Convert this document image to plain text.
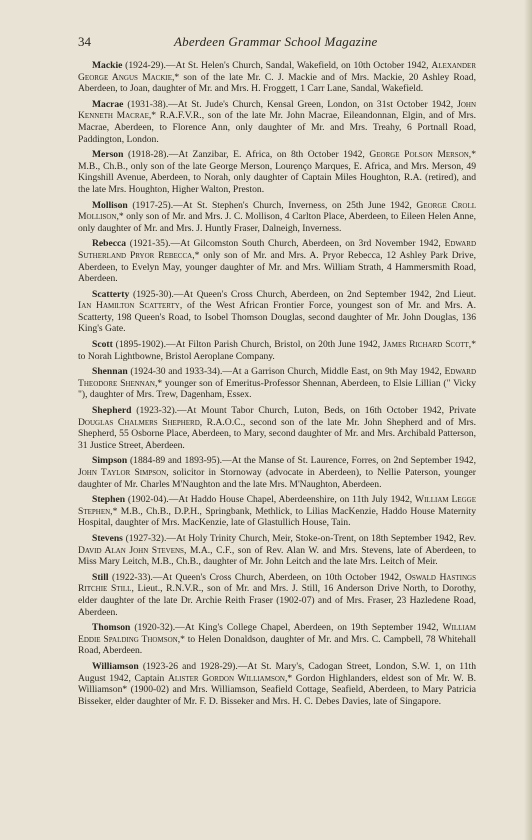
34	Aberdeen Grammar School Magazine

Mackie (1924-29).—At St. Helen's Church, Sandal, Wakefield, on 10th October 1942, Alexander George Angus Mackie,* son of the late Mr. C. J. Mackie and of Mrs. Mackie, 20 Ashley Road, Aberdeen, to Joan, daughter of Mr. and Mrs. H. Froggett, 1 Carr Lane, Sandal, Wakefield.

Macrae (1931-38).—At St. Jude's Church, Kensal Green, London, on 31st October 1942, John Kenneth Macrae,* R.A.F.V.R., son of the late Mr. John Macrae, Eileandonnan, Elgin, and of Mrs. Macrae, Aberdeen, to Florence Ann, only daughter of Mr. and Mrs. Treahy, 6 Portnall Road, Paddington, London.

Merson (1918-28).—At Zanzibar, E. Africa, on 8th October 1942, George Polson Merson,* M.B., Ch.B., only son of the late George Merson, Lourenço Marques, E. Africa, and Mrs. Merson, 49 Kingshill Avenue, Aberdeen, to Norah, only daughter of Captain Miles Houghton, R.A. (retired), and the late Mrs. Houghton, Higher Walton, Preston.

Mollison (1917-25).—At St. Stephen's Church, Inverness, on 25th June 1942, George Croll Mollison,* only son of Mr. and Mrs. J. C. Mollison, 4 Carlton Place, Aberdeen, to Eileen Helen Anne, only daughter of Mr. and Mrs. J. Huntly Fraser, Dalneigh, Inverness.

Rebecca (1921-35).—At Gilcomston South Church, Aberdeen, on 3rd November 1942, Edward Sutherland Pryor Rebecca,* only son of Mr. and Mrs. A. Pryor Rebecca, 12 Ashley Park Drive, Aberdeen, to Evelyn May, younger daughter of Mr. and Mrs. William Strath, 4 Hammersmith Road, Aberdeen.

Scatterty (1925-30).—At Queen's Cross Church, Aberdeen, on 2nd September 1942, 2nd Lieut. Ian Hamilton Scatterty, of the West African Frontier Force, youngest son of Mr. and Mrs. A. Scatterty, 198 Queen's Road, to Isobel Thomson Douglas, second daughter of Mr. John Douglas, 136 King's Gate.

Scott (1895-1902).—At Filton Parish Church, Bristol, on 20th June 1942, James Richard Scott,* to Norah Lightbowne, Bristol Aeroplane Company.

Shennan (1924-30 and 1933-34).—At a Garrison Church, Middle East, on 9th May 1942, Edward Theodore Shennan,* younger son of Emeritus-Professor Shennan, Aberdeen, to Elsie Lillian (" Vicky "), daughter of Mrs. Trew, Dagenham, Essex.

Shepherd (1923-32).—At Mount Tabor Church, Luton, Beds, on 16th October 1942, Private Douglas Chalmers Shepherd, R.A.O.C., second son of the late Mr. John Shepherd and of Mrs. Shepherd, 55 Osborne Place, Aberdeen, to Mary, second daughter of Mr. and Mrs. Archibald Patterson, 31 Justice Street, Aberdeen.

Simpson (1884-89 and 1893-95).—At the Manse of St. Laurence, Forres, on 2nd September 1942, John Taylor Simpson, solicitor in Stornoway (advocate in Aberdeen), to Nellie Paterson, younger daughter of Mr. Charles M'Naughton and the late Mrs. M'Naughton, Aberdeen.

Stephen (1902-04).—At Haddo House Chapel, Aberdeenshire, on 11th July 1942, William Legge Stephen,* M.B., Ch.B., D.P.H., Springbank, Methlick, to Lilias MacKenzie, Haddo House Maternity Hospital, daughter of Mrs. MacKenzie, late of Glastullich House, Tain.

Stevens (1927-32).—At Holy Trinity Church, Meir, Stoke-on-Trent, on 18th September 1942, Rev. David Alan John Stevens, M.A., C.F., son of Rev. Alan W. and Mrs. Stevens, late of Aberdeen, to Miss Mary Leitch, M.B., Ch.B., daughter of Mr. John Leitch and the late Mrs. Leitch of Meir.

Still (1922-33).—At Queen's Cross Church, Aberdeen, on 10th October 1942, Oswald Hastings Ritchie Still, Lieut., R.N.V.R., son of Mr. and Mrs. J. Still, 16 Anderson Drive North, to Dorothy, elder daughter of the late Dr. Archie Reith Fraser (1902-07) and of Mrs. Fraser, 23 Hazledene Road, Aberdeen.

Thomson (1920-32).—At King's College Chapel, Aberdeen, on 19th September 1942, William Eddie Spalding Thomson,* to Helen Donaldson, daughter of Mr. and Mrs. C. Campbell, 78 Whitehall Road, Aberdeen.

Williamson (1923-26 and 1928-29).—At St. Mary's, Cadogan Street, London, S.W. 1, on 11th August 1942, Captain Alister Gordon Williamson,* Gordon Highlanders, eldest son of Mr. W. B. Williamson* (1900-02) and Mrs. Williamson, Seafield Cottage, Seafield, Aberdeen, to Mary Patricia Bisseker, elder daughter of Mr. F. D. Bisseker and Mrs. H. C. Debes Davies, late of Singapore.
